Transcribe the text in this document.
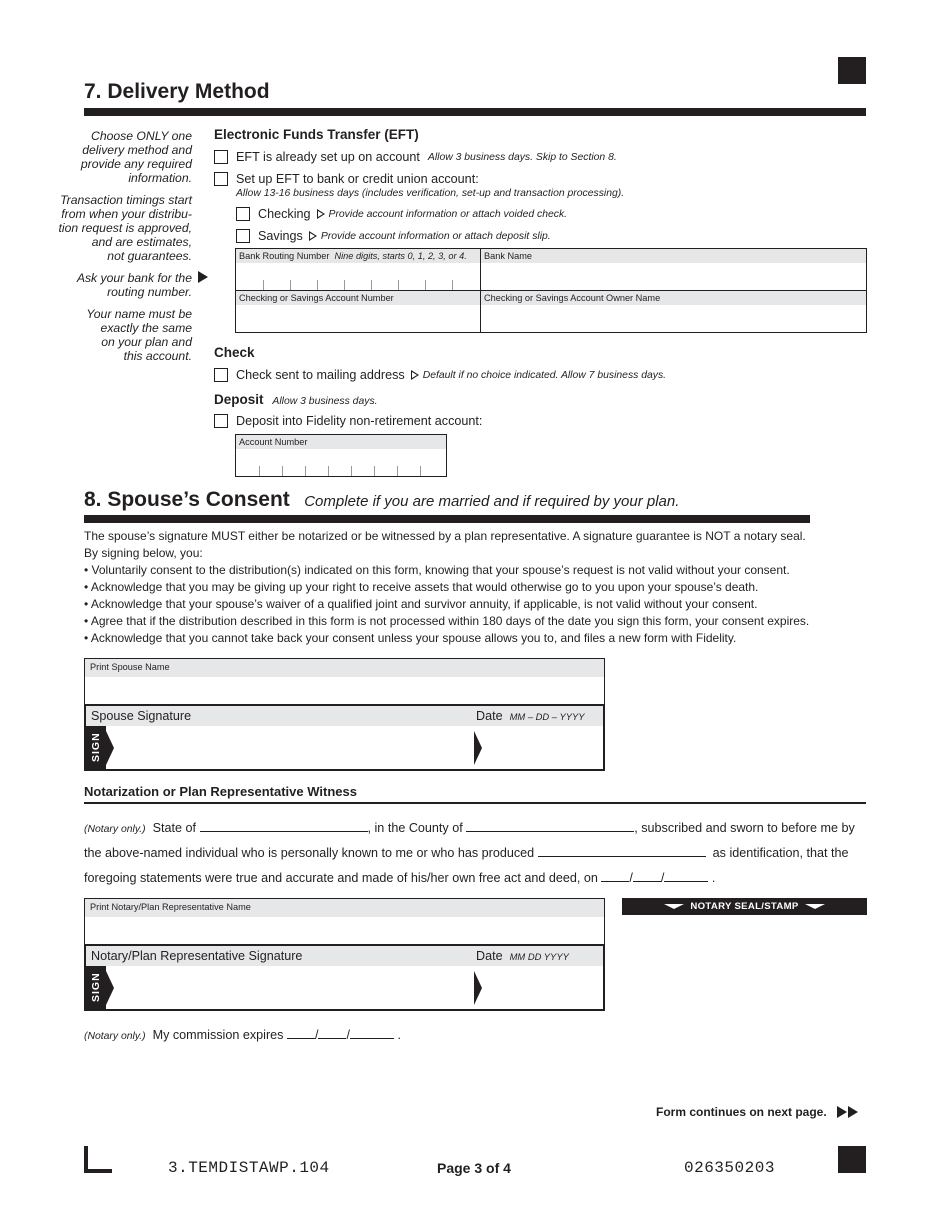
7. Delivery Method

Choose ONLY one
delivery method and
provide any required
information.

Transaction timings start
from when your distribu-
tion request is approved,
and are estimates,
not guarantees.

Ask your bank for the
routing number.

Your name must be
exactly the same
on your plan and
this account.

Electronic Funds Transfer (EFT)
EFT is already set up on account Allow 3 business days. Skip to Section 8.
Set up EFT to bank or credit union account:
Allow 13-16 business days (includes verification, set-up and transaction processing).
Checking Provide account information or attach voided check.
Savings Provide account information or attach deposit slip.
Bank Routing Number Nine digits, starts 0, 1, 2, 3, or 4.	Bank Name
Checking or Savings Account Number	Checking or Savings Account Owner Name
Check
Check sent to mailing address Default if no choice indicated. Allow 7 business days.
Deposit Allow 3 business days.
Deposit into Fidelity non-retirement account:
Account Number
8. Spouse’s Consent Complete if you are married and if required by your plan.
The spouse’s signature MUST either be notarized or be witnessed by a plan representative. A signature guarantee is NOT a notary seal.
By signing below, you:
• Voluntarily consent to the distribution(s) indicated on this form, knowing that your spouse’s request is not valid without your consent.
• Acknowledge that you may be giving up your right to receive assets that would otherwise go to you upon your spouse’s death.
• Acknowledge that your spouse’s waiver of a qualified joint and survivor annuity, if applicable, is not valid without your consent.
• Agree that if the distribution described in this form is not processed within 180 days of the date you sign this form, your consent expires.
• Acknowledge that you cannot take back your consent unless your spouse allows you to, and files a new form with Fidelity.
Print Spouse Name
Spouse Signature	Date MM – DD – YYYY
SIGN
Notarization or Plan Representative Witness
(Notary only.) State of	, in the County of	, subscribed and sworn to before me by
the above-named individual who is personally known to me or who has produced	as identification, that the
foregoing statements were true and accurate and made of his/her own free act and deed, on	/ /	.
Print Notary/Plan Representative Name	NOTARY SEAL/STAMP
Notary/Plan Representative Signature	Date MM DD YYYY
SIGN
(Notary only.) My commission expires	/ /	.
Form continues on next page.
3.TEMDISTAWP.104	Page 3 of 4	026350203
